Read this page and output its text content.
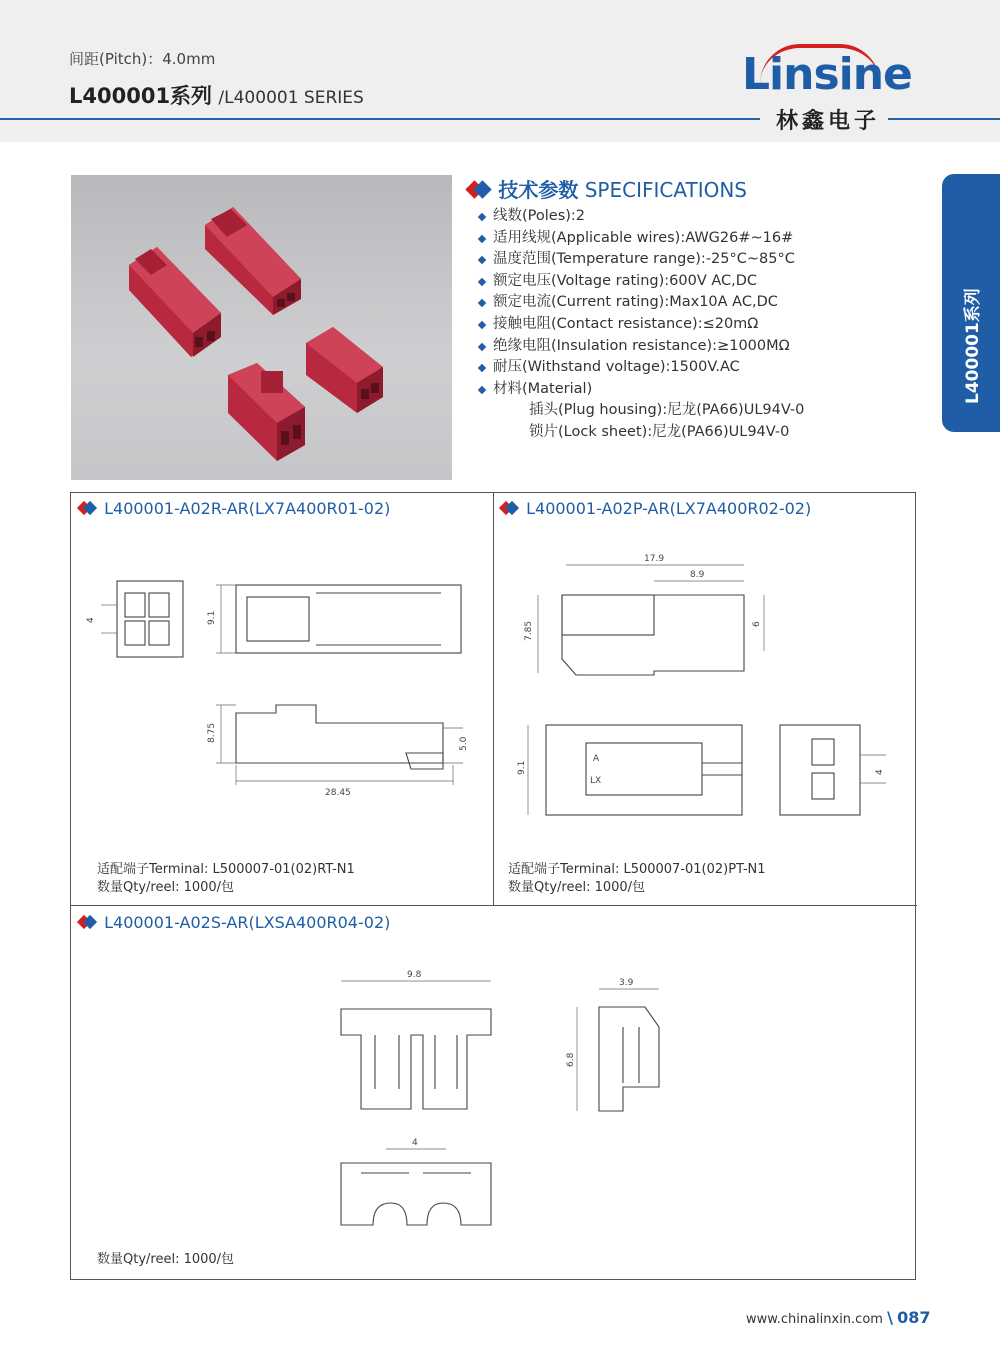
间距(Pitch)：4.0mm
L400001系列 /L400001 SERIES	Linsine
林鑫电子
L400001系列
技术参数 SPECIFICATIONS
线数(Poles):2
适用线规(Applicable wires):AWG26#~16#
温度范围(Temperature range):-25°C~85°C
额定电压(Voltage rating):600V AC,DC
额定电流(Current rating):Max10A AC,DC
接触电阻(Contact resistance):≤20mΩ
绝缘电阻(Insulation resistance):≥1000MΩ
耐压(Withstand voltage):1500V.AC
材料(Material)
插头(Plug housing):尼龙(PA66)UL94V-0
锁片(Lock sheet):尼龙(PA66)UL94V-0
L400001-A02R-AR(LX7A400R01-02)
4	9.1
8.75
5.0
28.45
适配端子Terminal: L500007-01(02)RT-N1
数量Qty/reel: 1000/包
L400001-A02P-AR(LX7A400R02-02)
17.9
8.9
7.85	6
A
LX
9.1	4
适配端子Terminal: L500007-01(02)PT-N1
数量Qty/reel: 1000/包
L400001-A02S-AR(LXSA400R04-02)
9.8
3.9
6.8
4
数量Qty/reel: 1000/包
www.chinalinxin.com \ 087
